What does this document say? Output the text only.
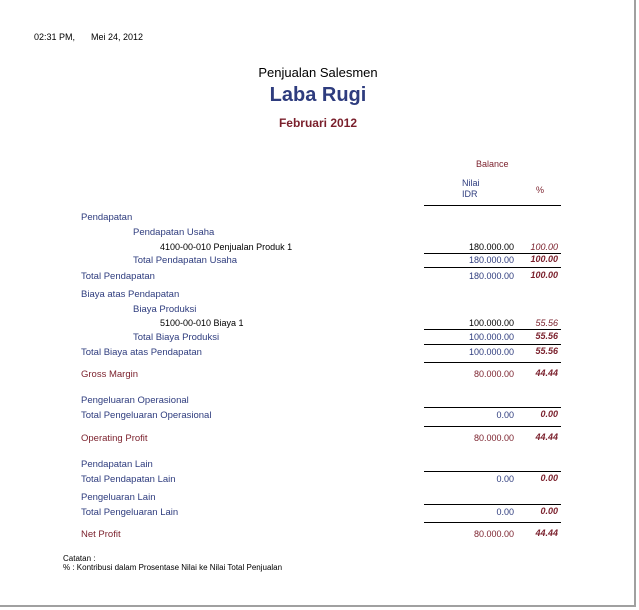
02:31 PM, Mei 24, 2012
Penjualan Salesmen
Laba Rugi
Februari 2012
Balance
Nilai
IDR	%
Pendapatan
Pendapatan Usaha
4100-00-010 Penjualan Produk 1	180.000.00	100.00
Total Pendapatan Usaha	180.000.00	100.00
Total Pendapatan	180.000.00	100.00
Biaya atas Pendapatan
Biaya Produksi
5100-00-010 Biaya 1	100.000.00	55.56
Total Biaya Produksi	100.000.00	55.56
Total Biaya atas Pendapatan	100.000.00	55.56
Gross Margin	80.000.00	44.44
Pengeluaran Operasional
Total Pengeluaran Operasional	0.00	0.00
Operating Profit	80.000.00	44.44
Pendapatan Lain
Total Pendapatan Lain	0.00	0.00
Pengeluaran Lain
Total Pengeluaran Lain	0.00	0.00
Net Profit	80.000.00	44.44
Catatan :
% : Kontribusi dalam Prosentase Nilai ke Nilai Total Penjualan
